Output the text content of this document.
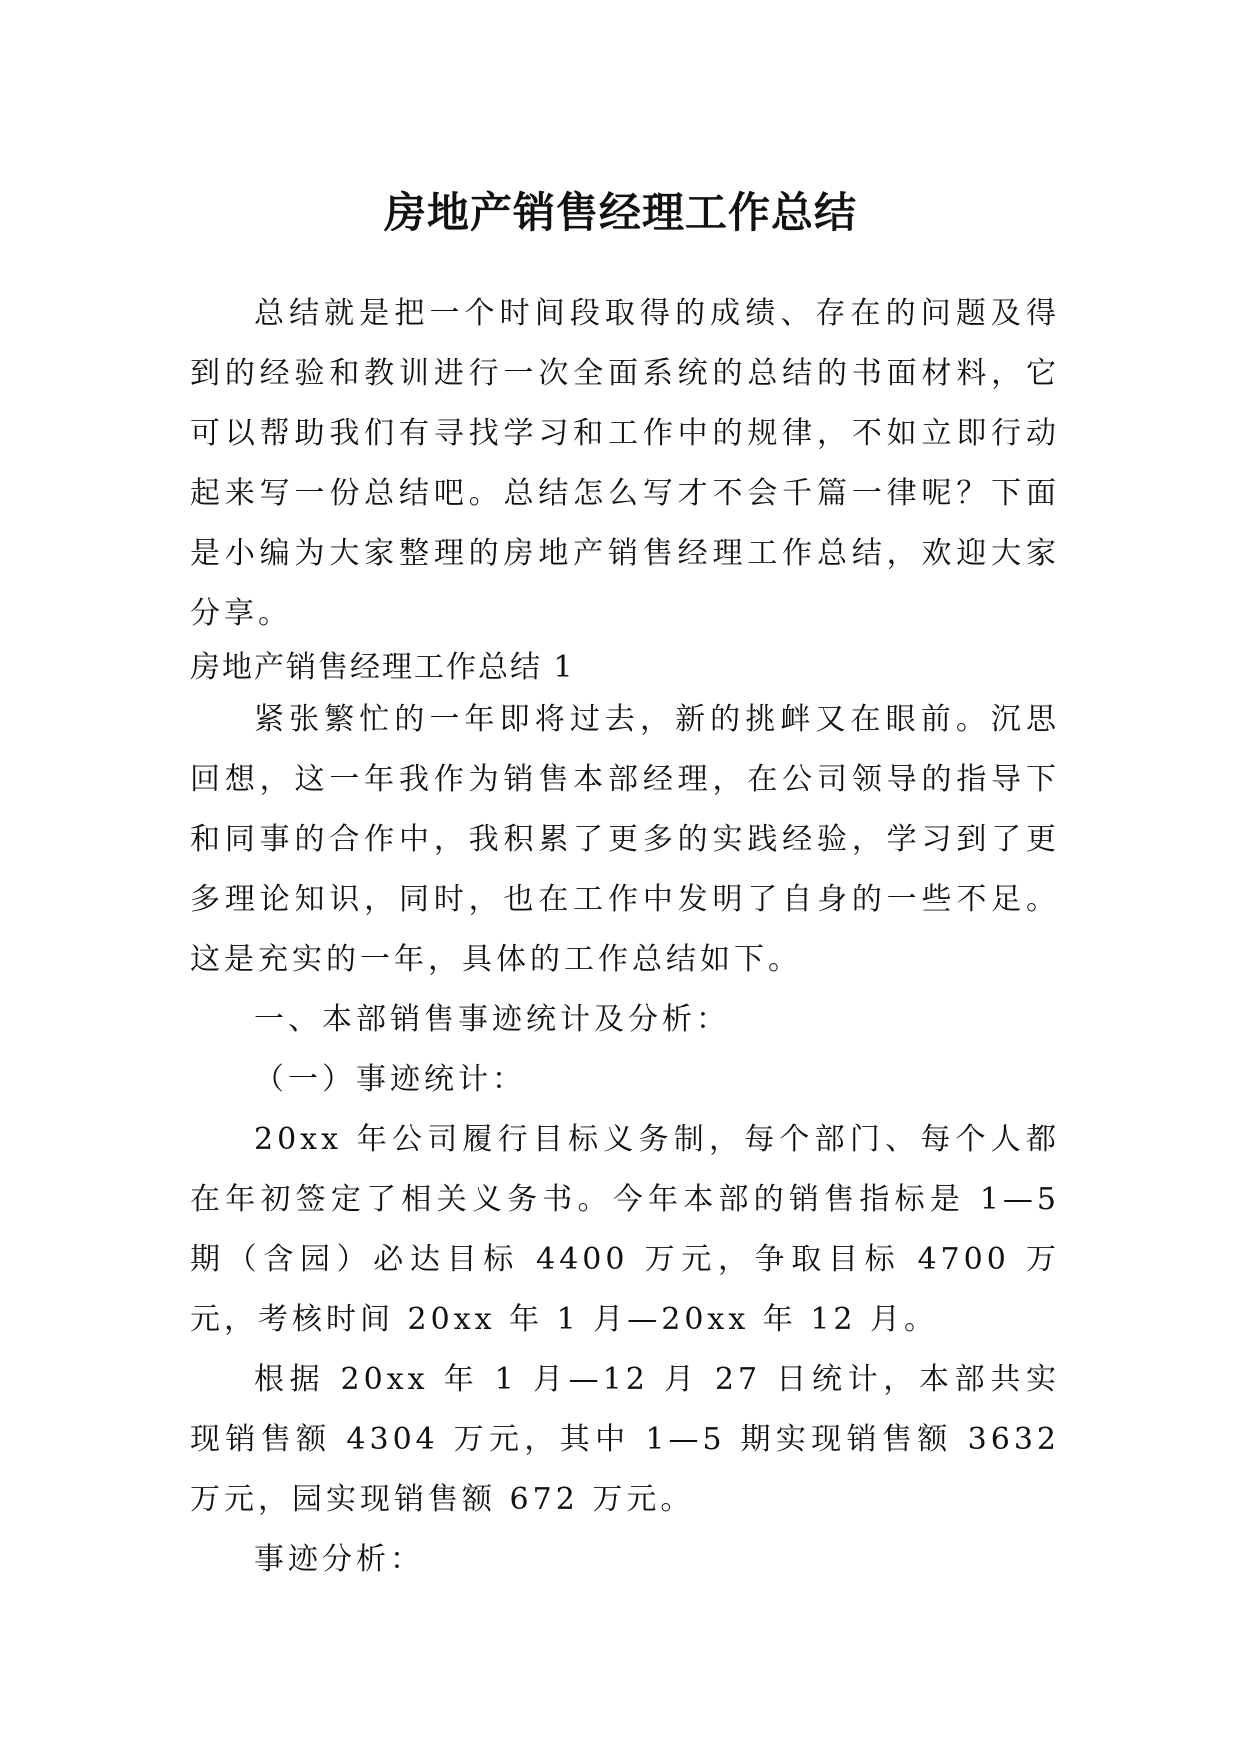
房地产销售经理工作总结

总结就是把一个时间段取得的成绩、存在的问题及得到的经验和教训进行一次全面系统的总结的书面材料，它可以帮助我们有寻找学习和工作中的规律，不如立即行动起来写一份总结吧。总结怎么写才不会千篇一律呢？下面是小编为大家整理的房地产销售经理工作总结，欢迎大家分享。

房地产销售经理工作总结 1

紧张繁忙的一年即将过去，新的挑衅又在眼前。沉思回想，这一年我作为销售本部经理，在公司领导的指导下和同事的合作中，我积累了更多的实践经验，学习到了更多理论知识，同时，也在工作中发明了自身的一些不足。这是充实的一年，具体的工作总结如下。

一、本部销售事迹统计及分析：

（一）事迹统计：

20xx 年公司履行目标义务制，每个部门、每个人都在年初签定了相关义务书。今年本部的销售指标是 1—5 期（含园）必达目标 4400 万元，争取目标 4700 万元，考核时间 20xx 年 1 月—20xx 年 12 月。

根据 20xx 年 1 月—12 月 27 日统计，本部共实现销售额 4304 万元，其中 1—5 期实现销售额 3632 万元，园实现销售额 672 万元。

事迹分析：
